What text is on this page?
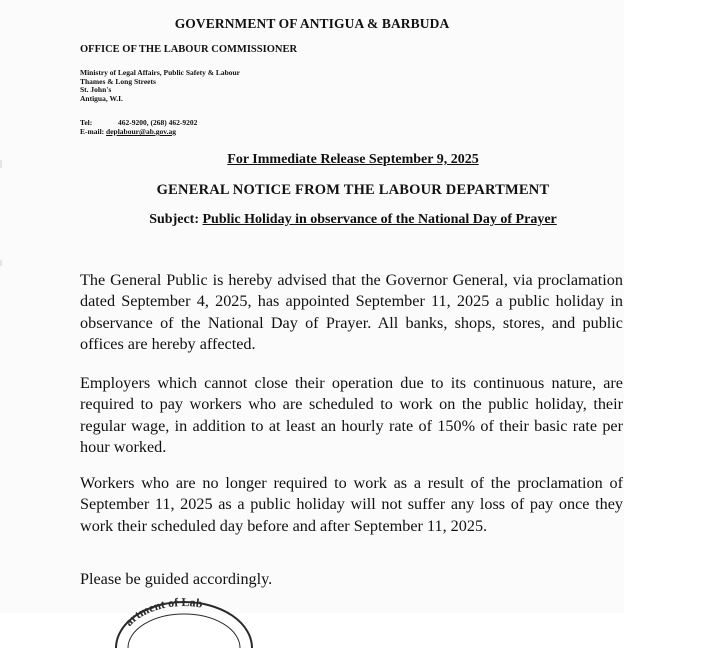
GOVERNMENT OF ANTIGUA & BARBUDA
OFFICE OF THE LABOUR COMMISSIONER
Ministry of Legal Affairs, Public Safety & Labour
Thames & Long Streets
St. John's
Antigua, W.I.
Tel:	462-9200, (268) 462-9202
E-mail: deplabour@ab.gov.ag
For Immediate Release September 9, 2025
GENERAL NOTICE FROM THE LABOUR DEPARTMENT
Subject: Public Holiday in observance of the National Day of Prayer
The General Public is hereby advised that the Governor General, via proclamation dated September 4, 2025, has appointed September 11, 2025 a public holiday in observance of the National Day of Prayer. All banks, shops, stores, and public offices are hereby affected.
Employers which cannot close their operation due to its continuous nature, are required to pay workers who are scheduled to work on the public holiday, their regular wage, in addition to at least an hourly rate of 150% of their basic rate per hour worked.
Workers who are no longer required to work as a result of the proclamation of September 11, 2025 as a public holiday will not suffer any loss of pay once they work their scheduled day before and after September 11, 2025.
Please be guided accordingly.
artment of Lab
